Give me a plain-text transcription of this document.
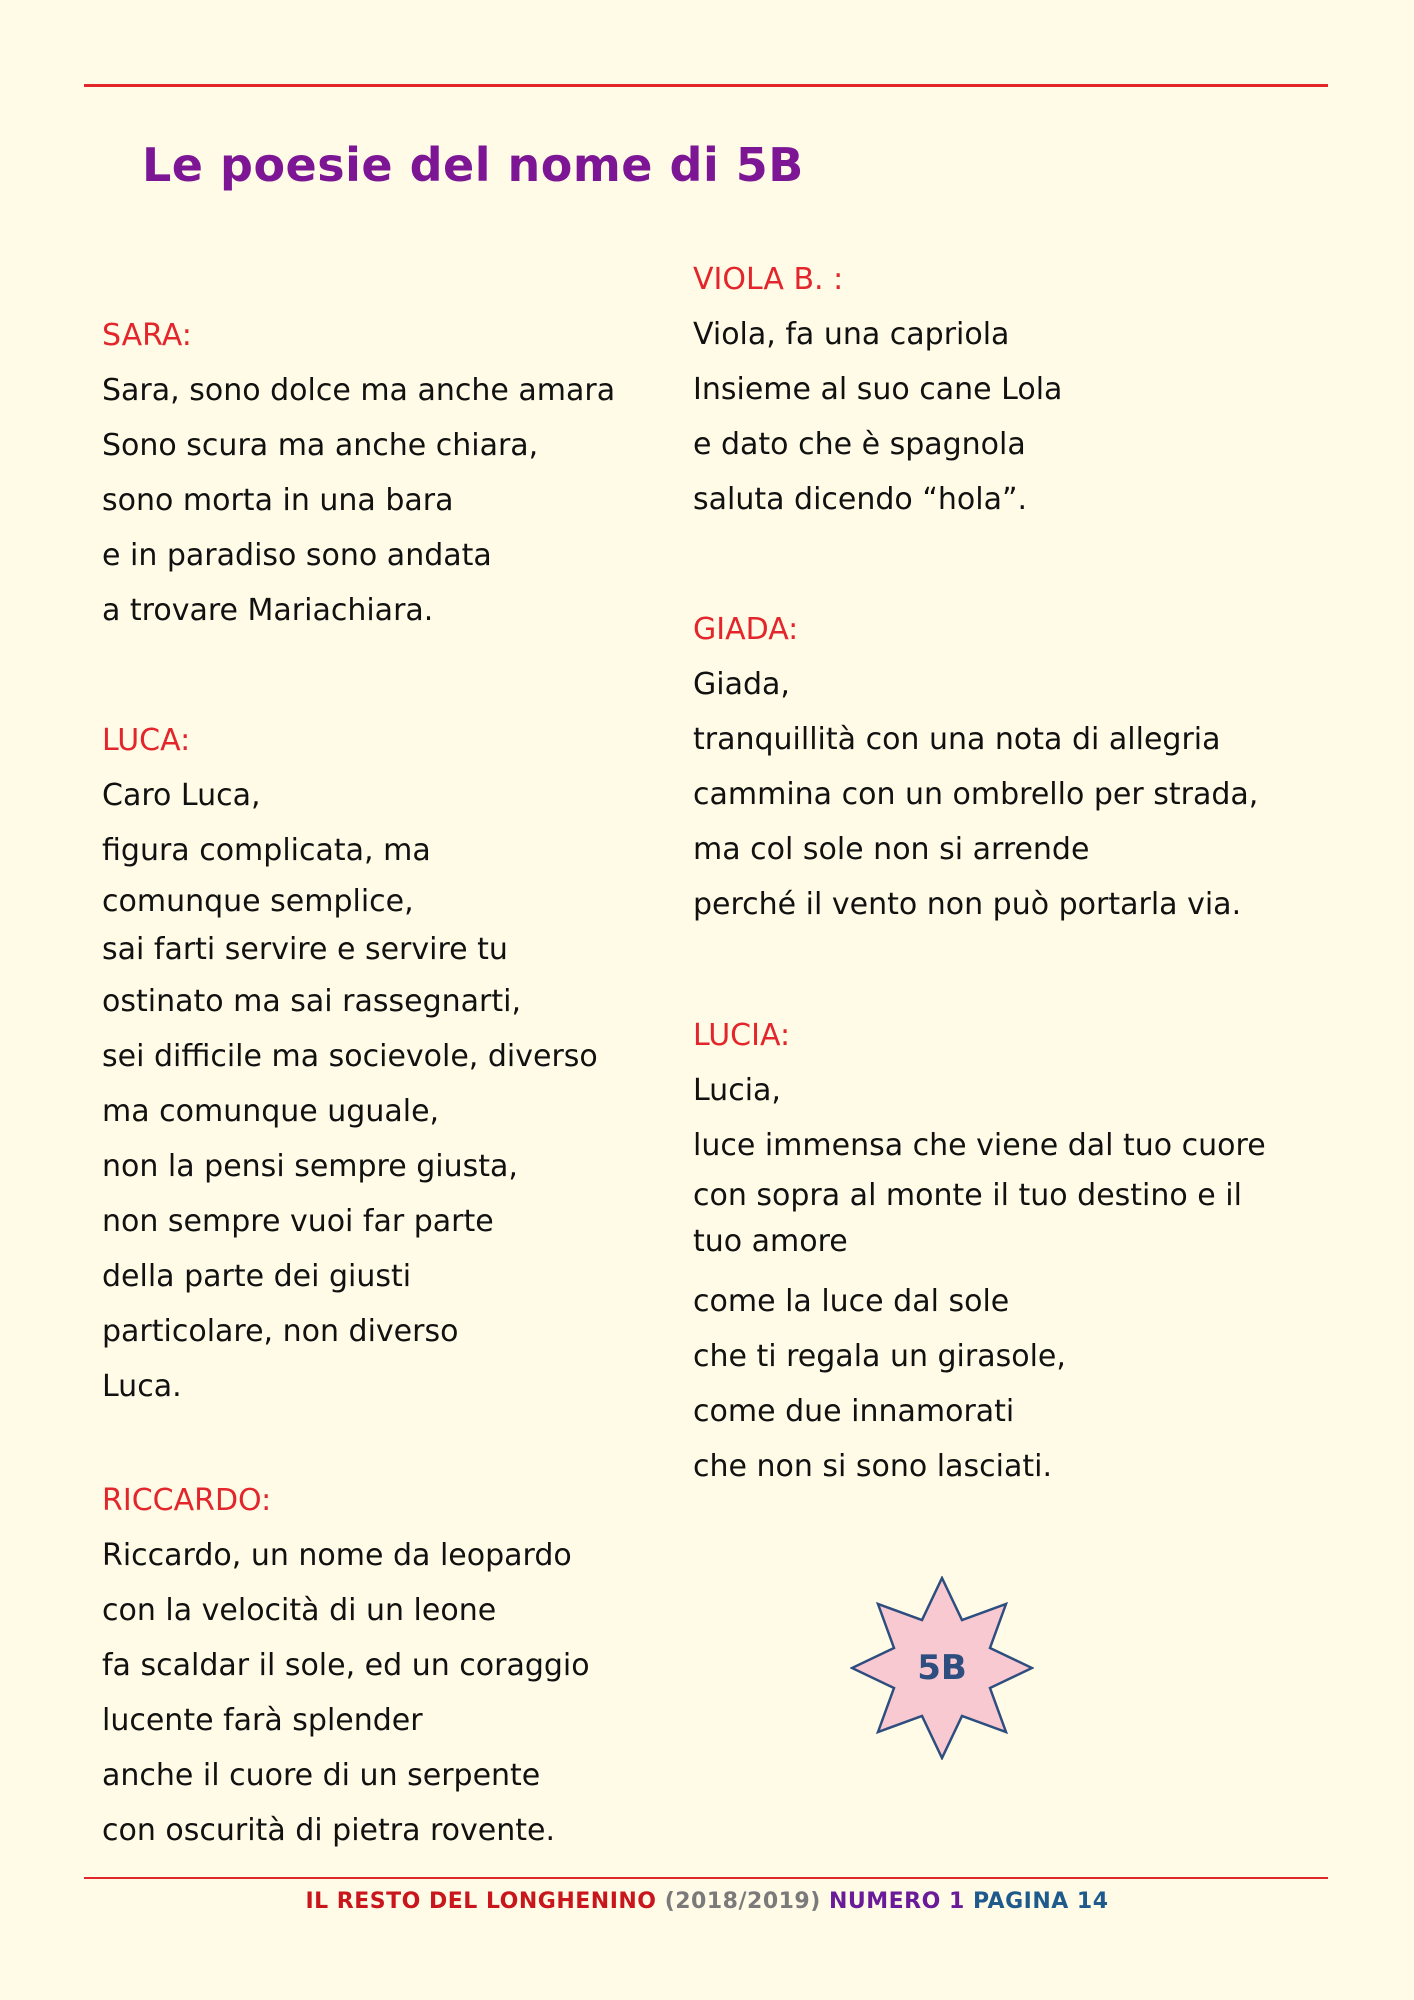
Le poesie del nome di 5B
SARA:
Sara, sono dolce ma anche amara
Sono scura ma anche chiara,
sono morta in una bara
e in paradiso sono andata
a trovare Mariachiara.
LUCA:
Caro Luca,
figura complicata, ma
comunque semplice,
sai farti servire e servire tu
ostinato ma sai rassegnarti,
sei difficile ma socievole, diverso
ma comunque uguale,
non la pensi sempre giusta,
non sempre vuoi far parte
della parte dei giusti
particolare, non diverso
Luca.
RICCARDO:
Riccardo, un nome da leopardo
con la velocità di un leone
fa scaldar il sole, ed un coraggio
lucente farà splender
anche il cuore di un serpente
con oscurità di pietra rovente.
VIOLA B. :
Viola, fa una capriola
Insieme al suo cane Lola
e dato che è spagnola
saluta dicendo “hola”.
GIADA:
Giada,
tranquillità con una nota di allegria
cammina con un ombrello per strada,
ma col sole non si arrende
perché il vento non può portarla via.
LUCIA:
Lucia,
luce immensa che viene dal tuo cuore
con sopra al monte il tuo destino e il tuo amore
come la luce dal sole
che ti regala un girasole,
come due innamorati
che non si sono lasciati.
5B
IL RESTO DEL LONGHENINO (2018/2019) NUMERO 1 PAGINA 14
